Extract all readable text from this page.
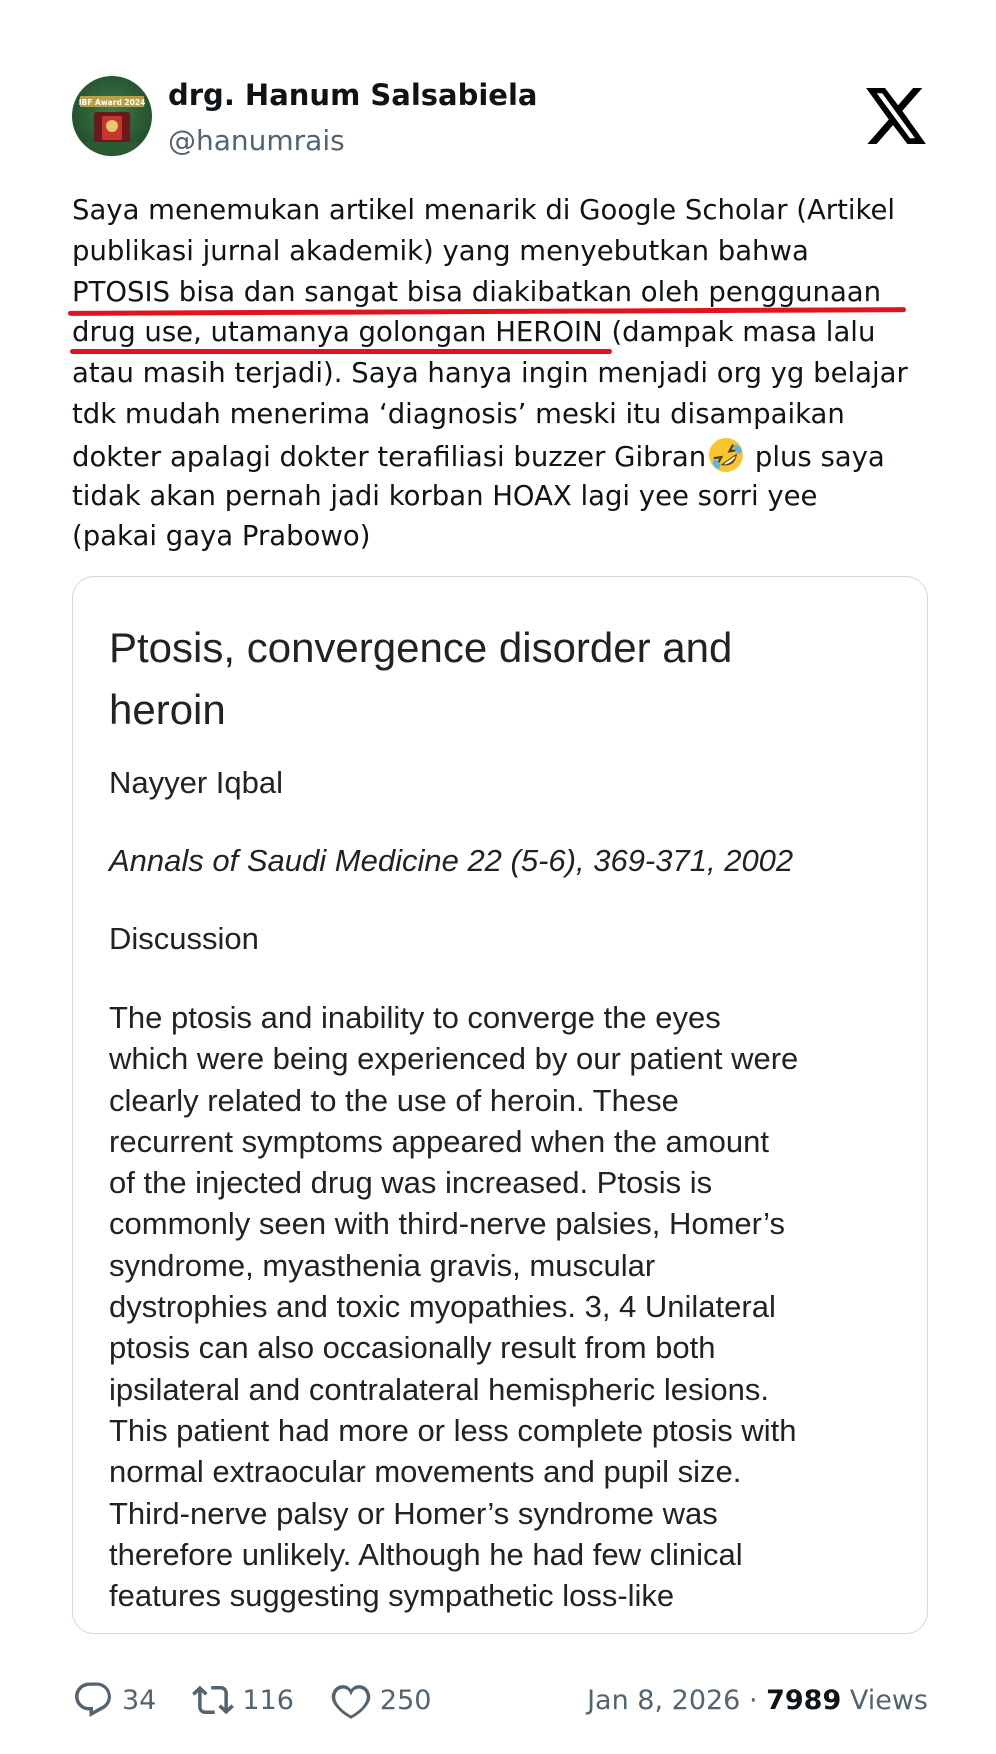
IBF Award 2024 drg. Hanum Salsabiela
@hanumrais
Saya menemukan artikel menarik di Google Scholar (Artikel
publikasi jurnal akademik) yang menyebutkan bahwa
PTOSIS bisa dan sangat bisa diakibatkan oleh penggunaan
drug use, utamanya golongan HEROIN (dampak masa lalu
atau masih terjadi). Saya hanya ingin menjadi org yg belajar
tdk mudah menerima ‘diagnosis’ meski itu disampaikan
dokter apalagi dokter terafiliasi buzzer Gibran
plus saya
tidak akan pernah jadi korban HOAX lagi yee sorri yee
(pakai gaya Prabowo)
Ptosis, convergence disorder and
heroin
Nayyer Iqbal
Annals of Saudi Medicine 22 (5-6), 369-371, 2002
Discussion
The ptosis and inability to converge the eyes
which were being experienced by our patient were
clearly related to the use of heroin. These
recurrent symptoms appeared when the amount
of the injected drug was increased. Ptosis is
commonly seen with third-nerve palsies, Homer’s
syndrome, myasthenia gravis, muscular
dystrophies and toxic myopathies. 3, 4 Unilateral
ptosis can also occasionally result from both
ipsilateral and contralateral hemispheric lesions.
This patient had more or less complete ptosis with
normal extraocular movements and pupil size.
Third-nerve palsy or Homer’s syndrome was
therefore unlikely. Although he had few clinical
features suggesting sympathetic loss-like
34	116	250	Jan 8, 2026 · 7989 Views
